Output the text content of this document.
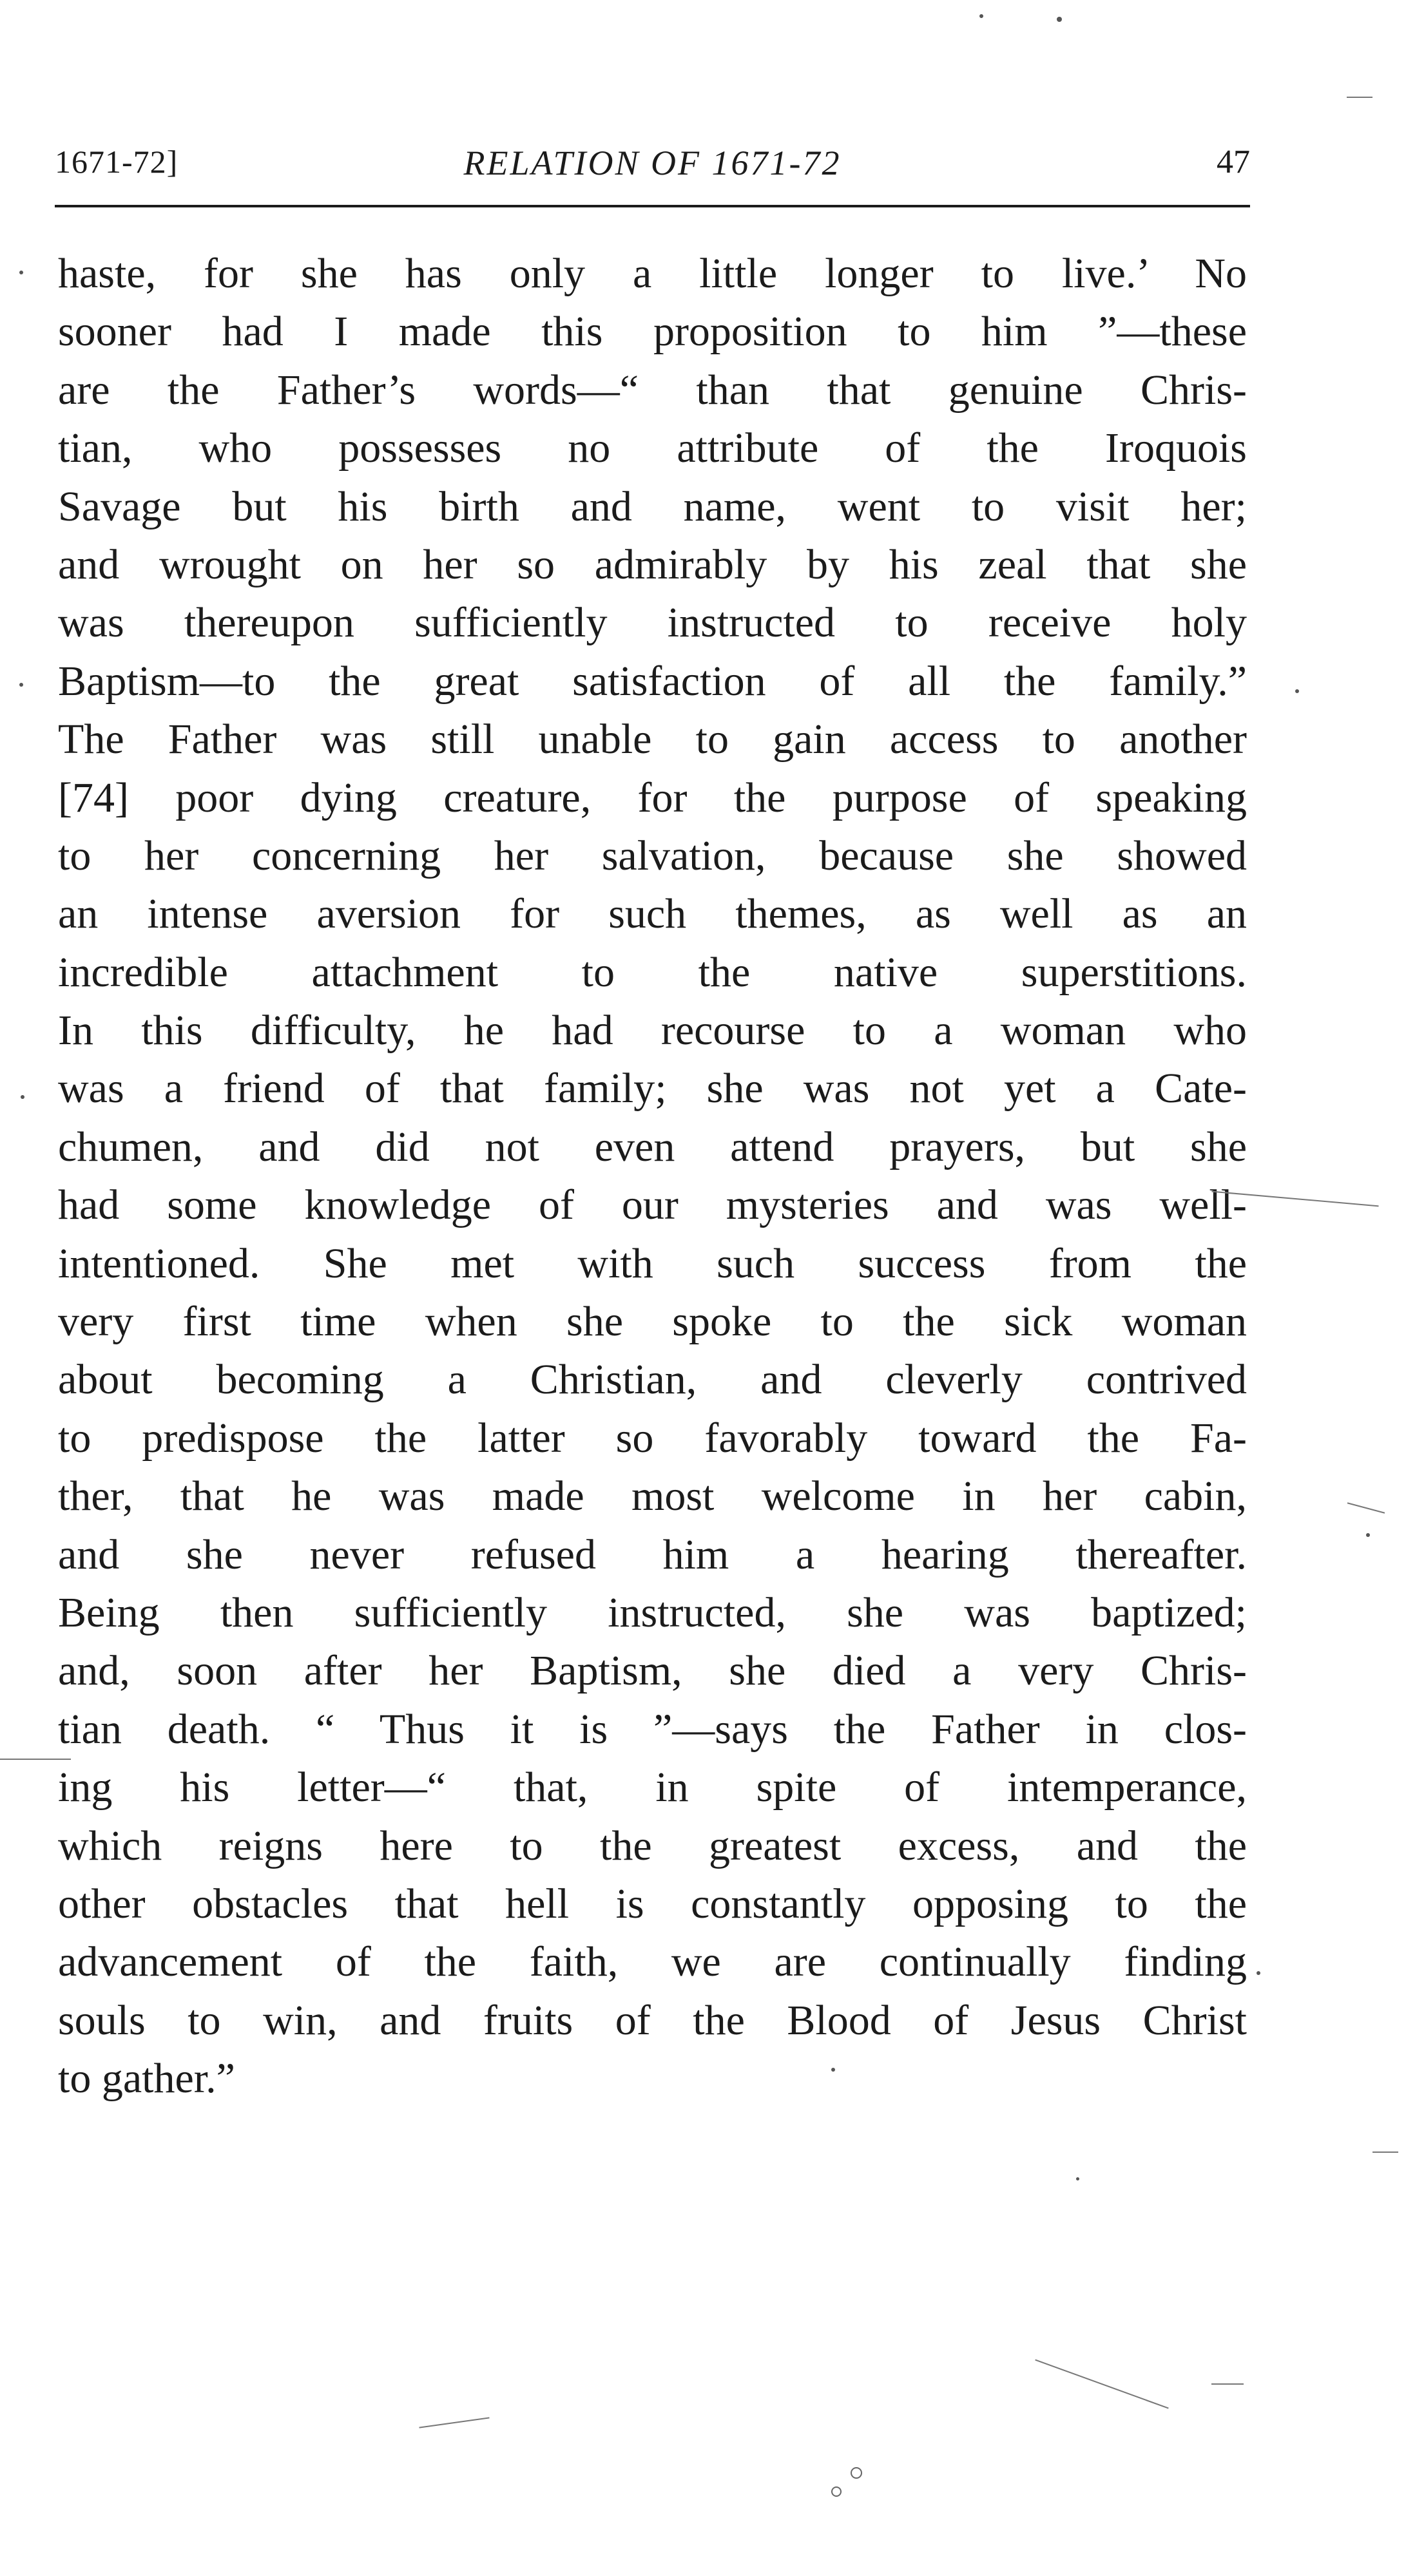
1671-72]	RELATION OF 1671-72	47
haste, for she has only a little longer to live.’ No
sooner had I made this proposition to him ”—these
are the Father’s words—“ than that genuine Chris-
tian, who possesses no attribute of the Iroquois
Savage but his birth and name, went to visit her;
and wrought on her so admirably by his zeal that she
was thereupon sufficiently instructed to receive holy
Baptism—to the great satisfaction of all the family.”
The Father was still unable to gain access to another
[74] poor dying creature, for the purpose of speaking
to her concerning her salvation, because she showed
an intense aversion for such themes, as well as an
incredible attachment to the native superstitions.
In this difficulty, he had recourse to a woman who
was a friend of that family; she was not yet a Cate-
chumen, and did not even attend prayers, but she
had some knowledge of our mysteries and was well-
intentioned. She met with such success from the
very first time when she spoke to the sick woman
about becoming a Christian, and cleverly contrived
to predispose the latter so favorably toward the Fa-
ther, that he was made most welcome in her cabin,
and she never refused him a hearing thereafter.
Being then sufficiently instructed, she was baptized;
and, soon after her Baptism, she died a very Chris-
tian death. “ Thus it is ”—says the Father in clos-
ing his letter—“ that, in spite of intemperance,
which reigns here to the greatest excess, and the
other obstacles that hell is constantly opposing to the
advancement of the faith, we are continually finding
souls to win, and fruits of the Blood of Jesus Christ
to gather.”
